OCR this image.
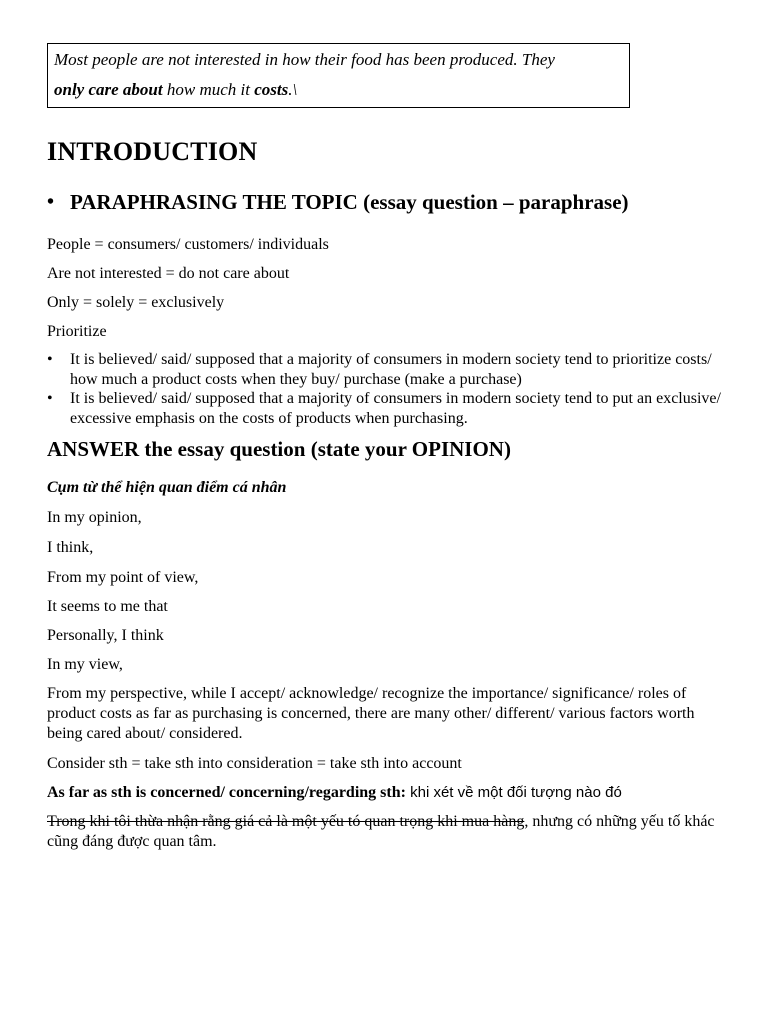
Most people are not interested in how their food has been produced. They
only care about how much it costs.\
INTRODUCTION
• PARAPHRASING THE TOPIC (essay question – paraphrase)

People = consumers/ customers/ individuals

Are not interested = do not care about

Only = solely = exclusively

Prioritize

• It is believed/ said/ supposed that a majority of consumers in modern society tend to prioritize costs/ how much a product costs when they buy/ purchase (make a purchase)
• It is believed/ said/ supposed that a majority of consumers in modern society tend to put an exclusive/ excessive emphasis on the costs of products when purchasing.
ANSWER the essay question (state your OPINION)

Cụm từ thể hiện quan điểm cá nhân

In my opinion,

I think,

From my point of view,

It seems to me that

Personally, I think

In my view,

From my perspective, while I accept/ acknowledge/ recognize the importance/ significance/ roles of product costs as far as purchasing is concerned, there are many other/ different/ various factors worth being cared about/ considered.

Consider sth = take sth into consideration = take sth into account

As far as sth is concerned/ concerning/regarding sth: khi xét về một đối tượng nào đó

Trong khi tôi thừa nhận rằng giá cả là một yếu tó quan trọng khi mua hàng, nhưng có những yếu tố khác cũng đáng được quan tâm.
